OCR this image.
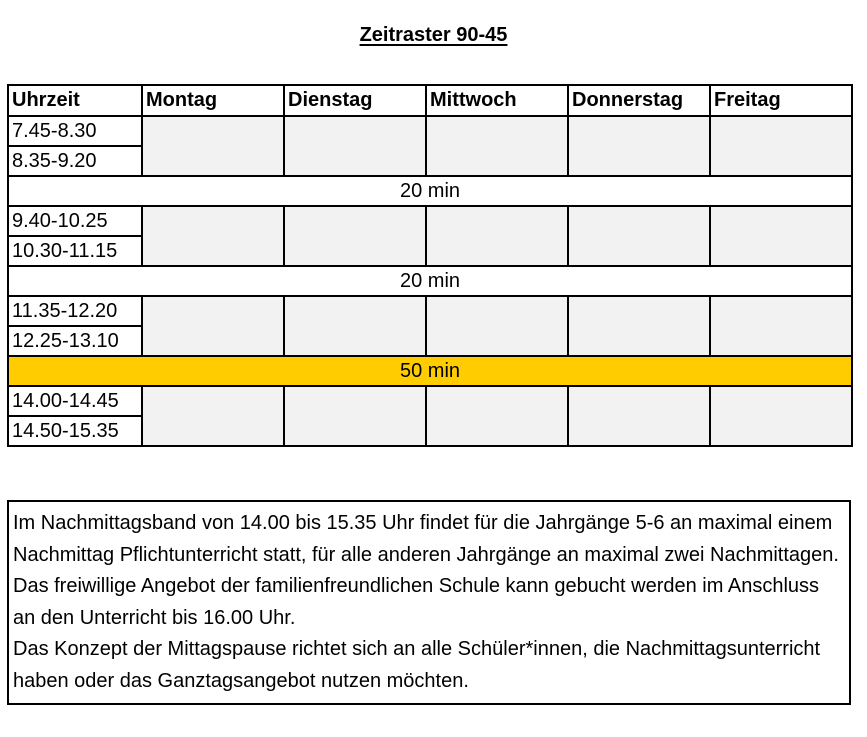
Zeitraster 90-45
Uhrzeit	Montag	Dienstag	Mittwoch	Donnerstag	Freitag
7.45-8.30					
8.35-9.20					
20 min					
9.40-10.25					
10.30-11.15					
20 min					
11.35-12.20					
12.25-13.10					
50 min					
14.00-14.45					
14.50-15.35					

Im Nachmittagsband von 14.00 bis 15.35 Uhr findet für die Jahrgänge 5-6 an maximal einem Nachmittag Pflichtunterricht statt, für alle anderen Jahrgänge an maximal zwei Nachmittagen.

Das freiwillige Angebot der familienfreundlichen Schule kann gebucht werden im Anschluss an den Unterricht bis 16.00 Uhr.

Das Konzept der Mittagspause richtet sich an alle Schüler*innen, die Nachmittagsunterricht haben oder das Ganztagsangebot nutzen möchten.
